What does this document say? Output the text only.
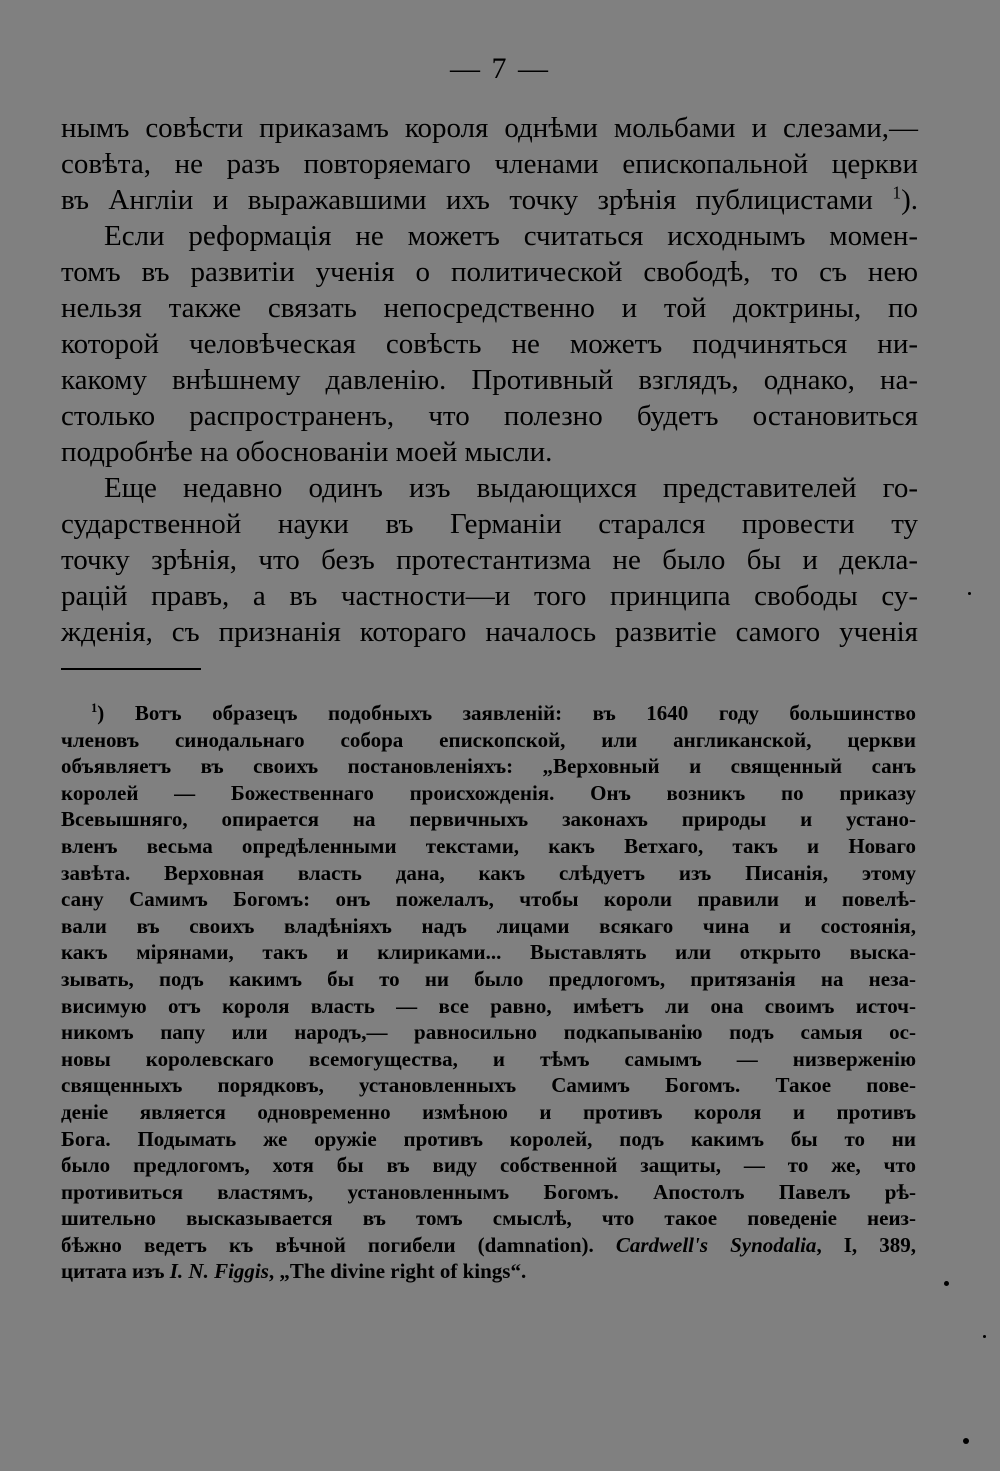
— 7 —
нымъ совѣсти приказамъ короля однѣми мольбами и слезами,—
совѣта, не разъ повторяемаго членами епископальной церкви
въ Англіи и выражавшими ихъ точку зрѣнія публицистами $^1$).
Если реформація не можетъ считаться исходнымъ момен-
томъ въ развитіи ученія о политической свободѣ, то съ нею
нельзя также связать непосредственно и той доктрины, по
которой человѣческая совѣсть не можетъ подчиняться ни-
какому внѣшнему давленію. Противный взглядъ, однако, на-
столько распространенъ, что полезно будетъ остановиться
подробнѣе на обоснованіи моей мысли.
Еще недавно одинъ изъ выдающихся представителей го-
сударственной науки въ Германіи старался провести ту
точку зрѣнія, что безъ протестантизма не было бы и декла-
рацій правъ, а въ частности—и того принципа свободы су-
жденія, съ признанія котораго началось развитіе самого ученія
$^1$) Вотъ образецъ подобныхъ заявленій: въ 1640 году большинство
членовъ синодальнаго собора епископской, или англиканской, церкви
объявляетъ въ своихъ постановленіяхъ: „Верховный и священный санъ
королей — Божественнаго происхожденія. Онъ возникъ по приказу
Всевышняго, опирается на первичныхъ законахъ природы и устано-
вленъ весьма опредѣленными текстами, какъ Ветхаго, такъ и Новаго
завѣта. Верховная власть дана, какъ слѣдуетъ изъ Писанія, этому
сану Самимъ Богомъ: онъ пожелалъ, чтобы короли правили и повелѣ-
вали въ своихъ владѣніяхъ надъ лицами всякаго чина и состоянія,
какъ мірянами, такъ и клириками... Выставлять или открыто выска-
зывать, подъ какимъ бы то ни было предлогомъ, притязанія на неза-
висимую отъ короля власть — все равно, имѣетъ ли она своимъ источ-
никомъ папу или народъ,— равносильно подкапыванію подъ самыя ос-
новы королевскаго всемогущества, и тѣмъ самымъ — низверженію
священныхъ порядковъ, установленныхъ Самимъ Богомъ. Такое пове-
деніе является одновременно измѣною и противъ короля и противъ
Бога. Подымать же оружіе противъ королей, подъ какимъ бы то ни
было предлогомъ, хотя бы въ виду собственной защиты, — то же, что
противиться властямъ, установленнымъ Богомъ. Апостолъ Павелъ рѣ-
шительно высказывается въ томъ смыслѣ, что такое поведеніе неиз-
бѣжно ведетъ къ вѣчной погибели (damnation). Cardwell's Synodalia, I, 389,
цитата изъ I. N. Figgis, „The divine right of kings“.
